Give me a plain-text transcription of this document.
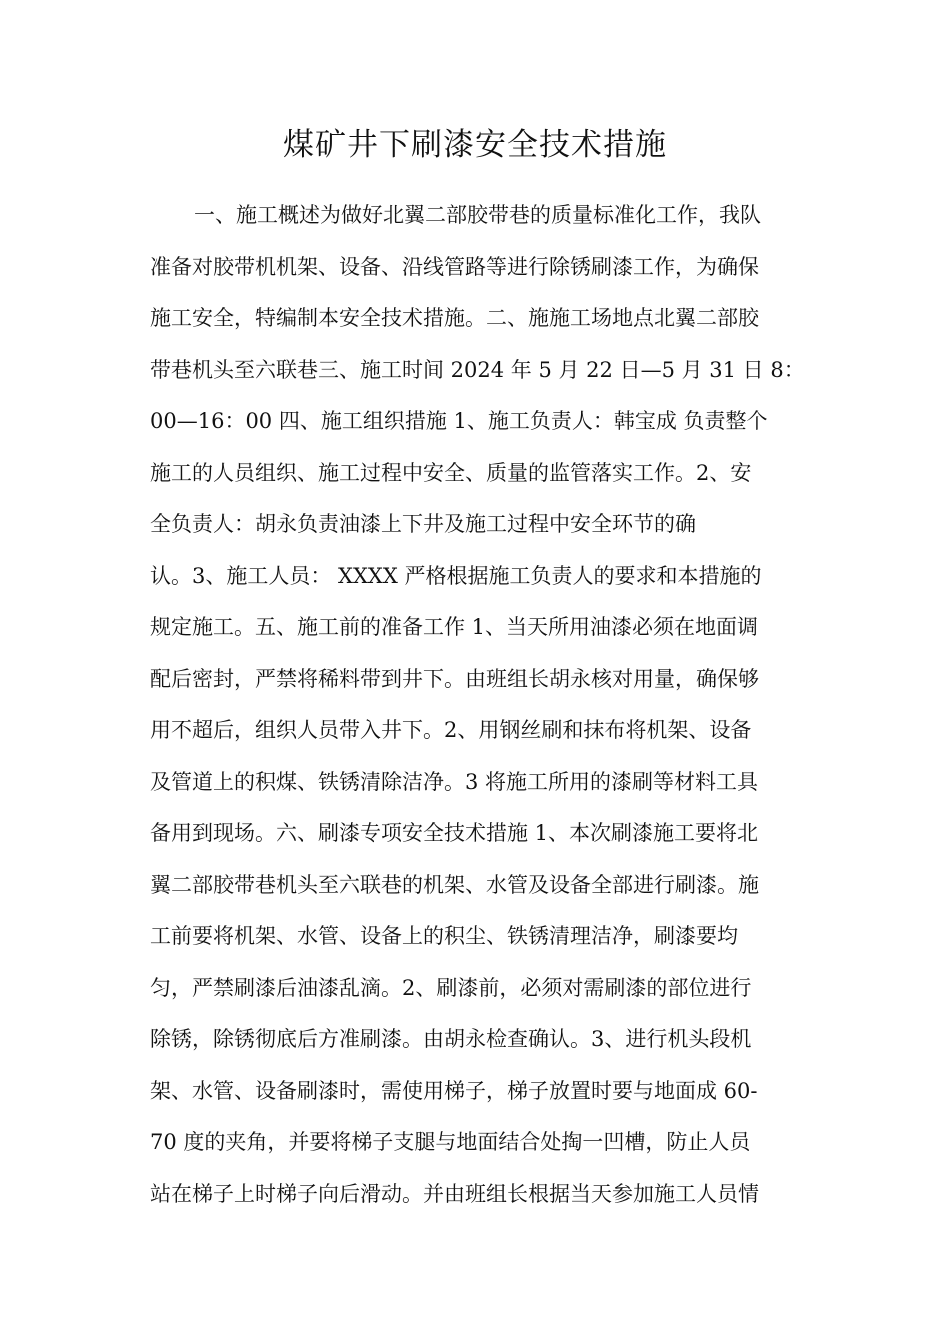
煤矿井下刷漆安全技术措施
一、施工概述为做好北翼二部胶带巷的质量标准化工作，我队
准备对胶带机机架、设备、沿线管路等进行除锈刷漆工作，为确保
施工安全，特编制本安全技术措施。二、施施工场地点北翼二部胶
带巷机头至六联巷三、施工时间 2024 年 5 月 22 日—5 月 31 日 8：
00—16：00 四、施工组织措施 1、施工负责人：韩宝成 负责整个
施工的人员组织、施工过程中安全、质量的监管落实工作。2、安
全负责人：胡永负责油漆上下井及施工过程中安全环节的确
认。3、施工人员： XXXX 严格根据施工负责人的要求和本措施的
规定施工。五、施工前的准备工作 1、当天所用油漆必须在地面调
配后密封，严禁将稀料带到井下。由班组长胡永核对用量，确保够
用不超后，组织人员带入井下。2、用钢丝刷和抹布将机架、设备
及管道上的积煤、铁锈清除洁净。3 将施工所用的漆刷等材料工具
备用到现场。六、刷漆专项安全技术措施 1、本次刷漆施工要将北
翼二部胶带巷机头至六联巷的机架、水管及设备全部进行刷漆。施
工前要将机架、水管、设备上的积尘、铁锈清理洁净，刷漆要均
匀，严禁刷漆后油漆乱滴。2、刷漆前，必须对需刷漆的部位进行
除锈，除锈彻底后方准刷漆。由胡永检查确认。3、进行机头段机
架、水管、设备刷漆时，需使用梯子，梯子放置时要与地面成 60-
70 度的夹角，并要将梯子支腿与地面结合处掏一凹槽，防止人员
站在梯子上时梯子向后滑动。并由班组长根据当天参加施工人员情
